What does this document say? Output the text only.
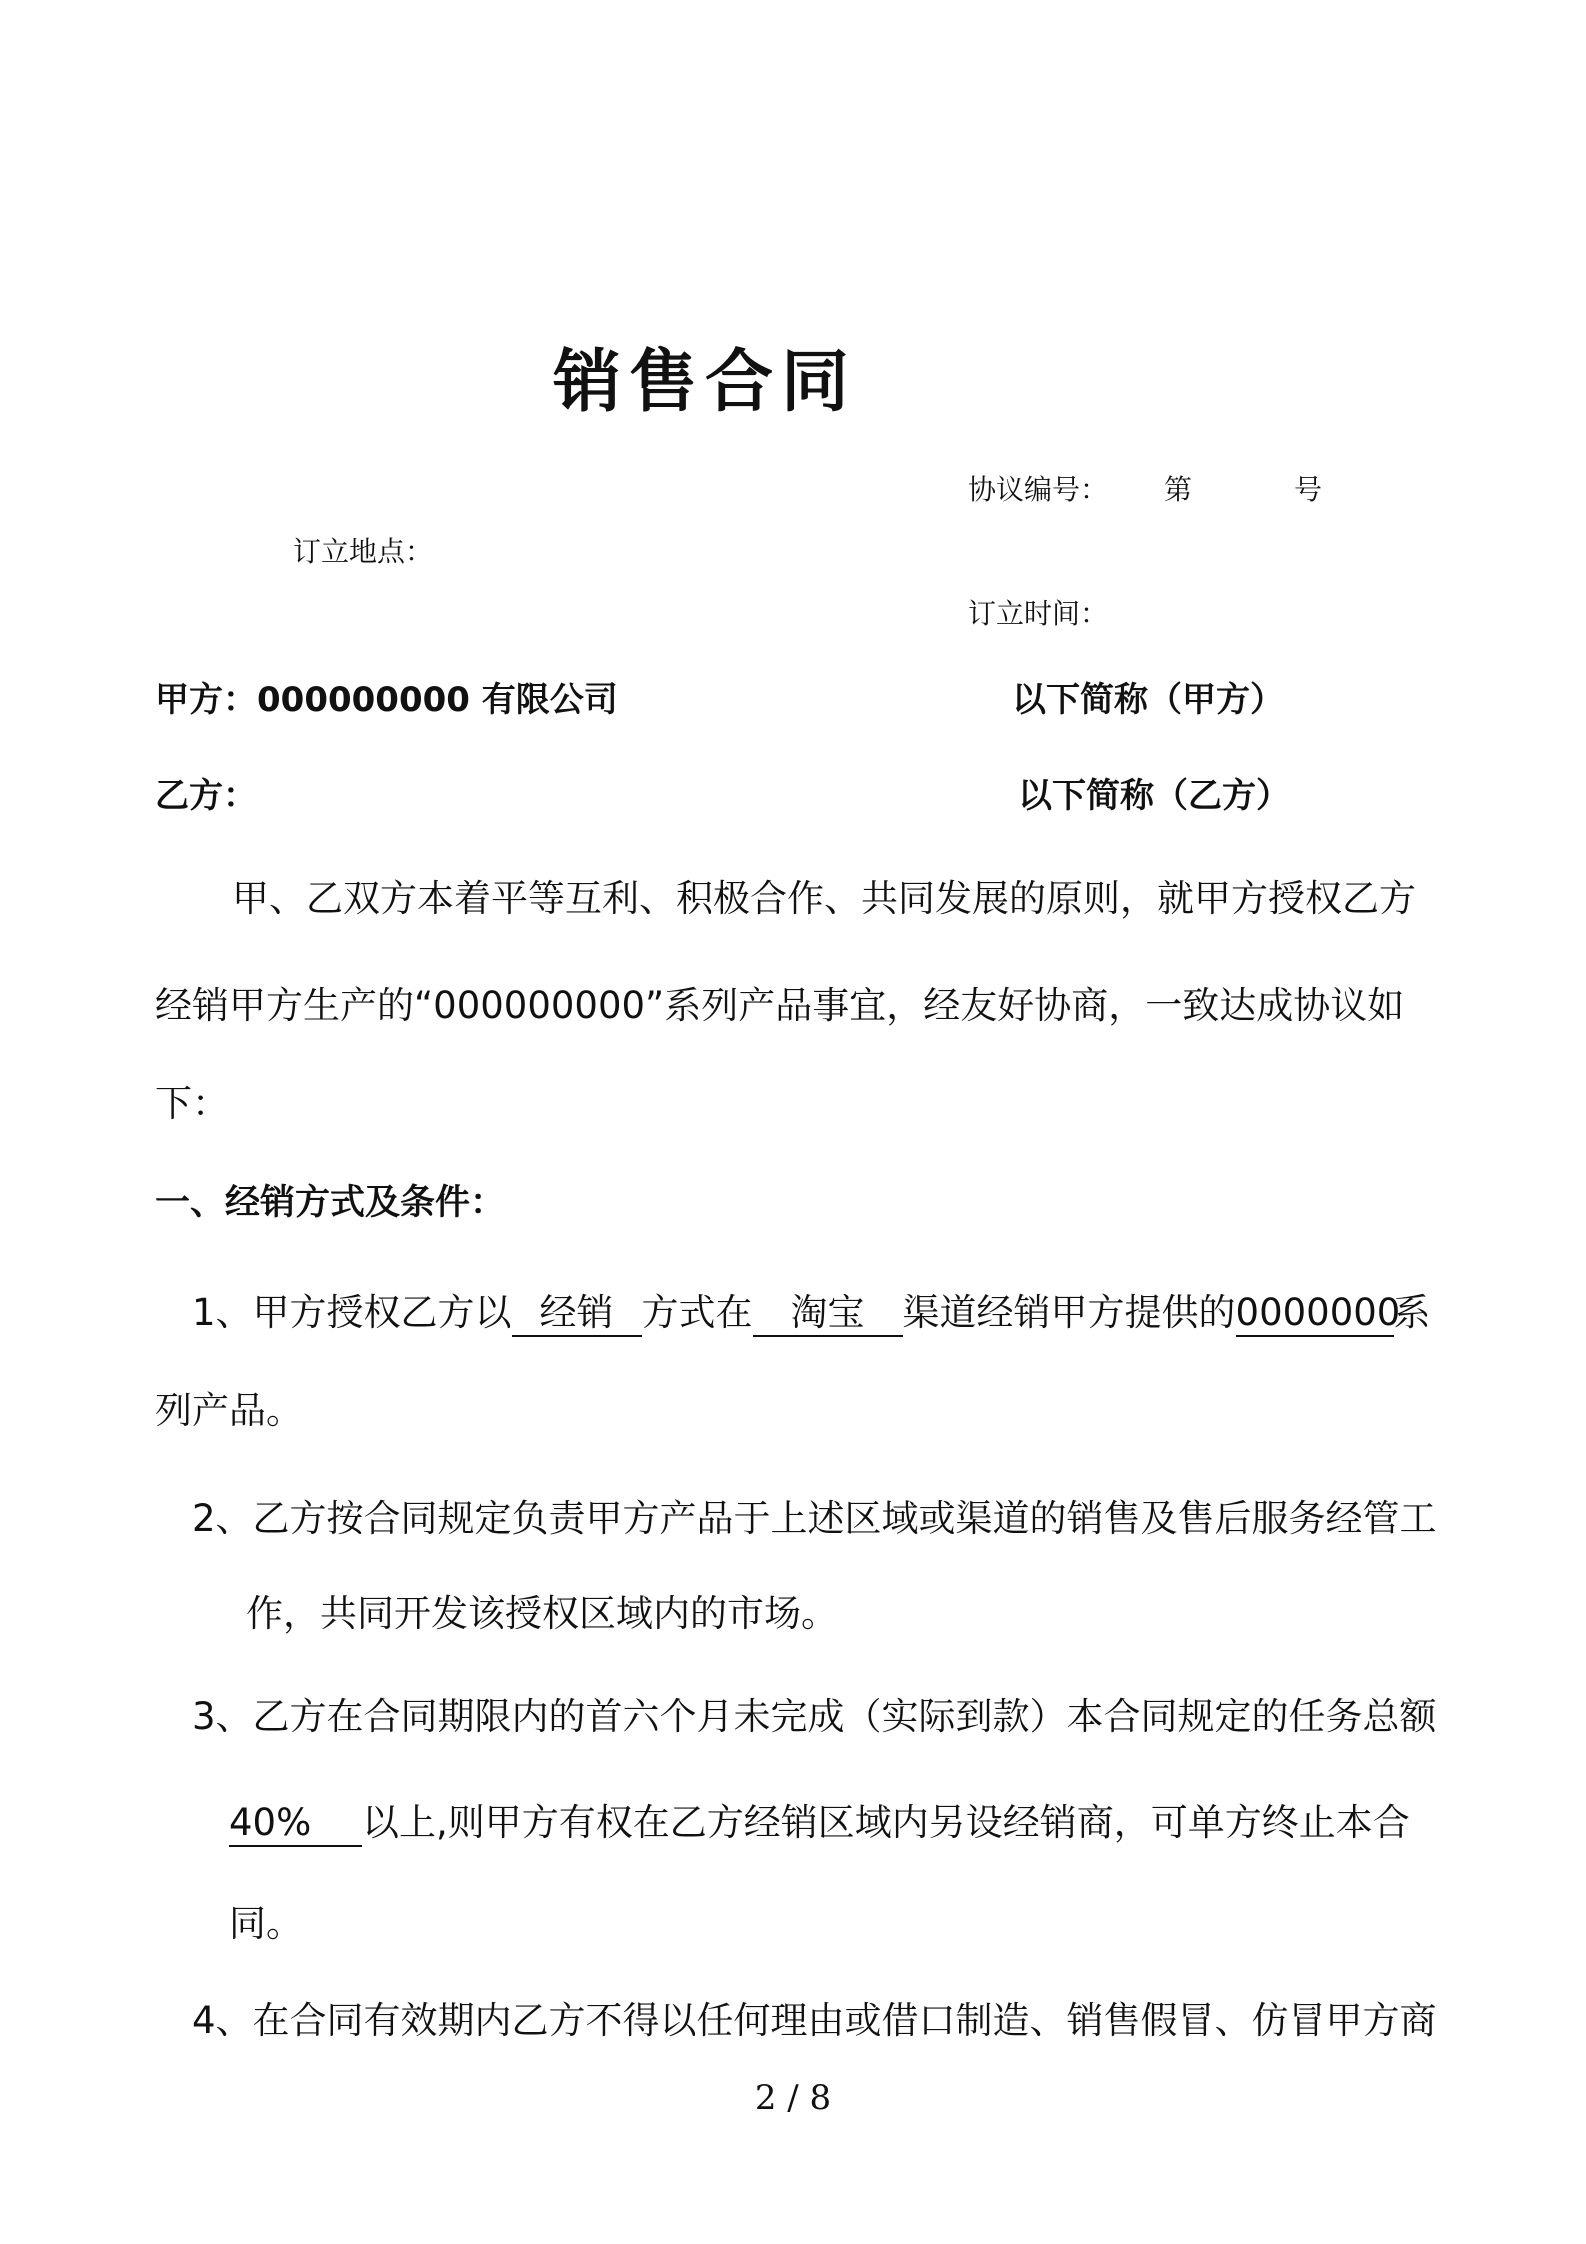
销售合同
协议编号： 第	号
订立地点：
订立时间：
甲方：000000000 有限公司	以下简称（甲方）
乙方：	以下简称（乙方）
甲、乙双方本着平等互利、积极合作、共同发展的原则，就甲方授权乙方
经销甲方生产的“000000000”系列产品事宜，经友好协商，一致达成协议如
下：
一、经销方式及条件：
1、甲方授权乙方以 经销 方式在 淘宝 渠道经销甲方提供的0000000系
列产品。
2、乙方按合同规定负责甲方产品于上述区域或渠道的销售及售后服务经管工
作，共同开发该授权区域内的市场。
3、乙方在合同期限内的首六个月未完成（实际到款）本合同规定的任务总额
40% 以上,则甲方有权在乙方经销区域内另设经销商，可单方终止本合
同。
4、在合同有效期内乙方不得以任何理由或借口制造、销售假冒、仿冒甲方商
2 / 8
